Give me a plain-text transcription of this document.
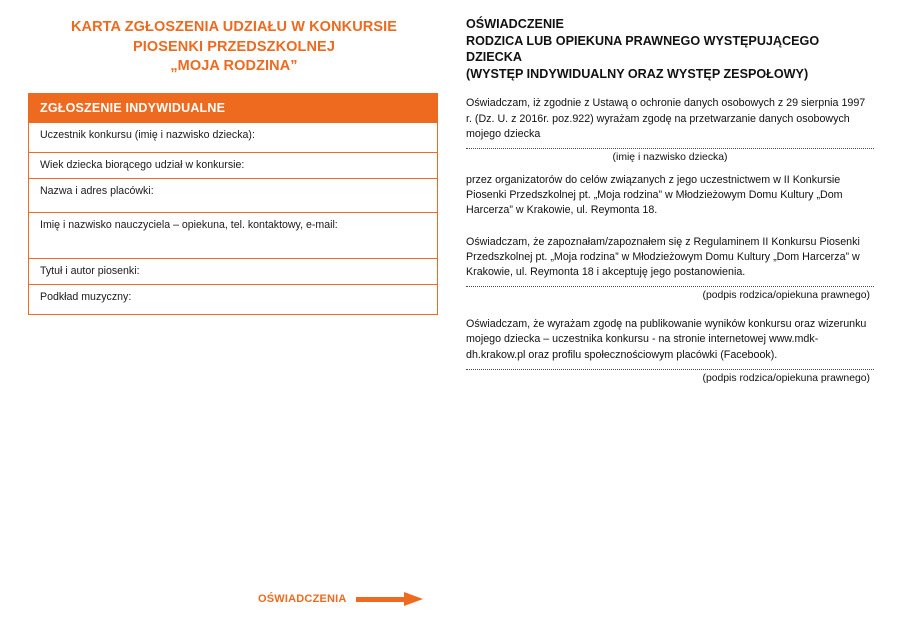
KARTA ZGŁOSZENIA UDZIAŁU W KONKURSIE
PIOSENKI PRZEDSZKOLNEJ
„MOJA RODZINA”
ZGŁOSZENIE INDYWIDUALNE
Uczestnik konkursu (imię i nazwisko dziecka):
Wiek dziecka biorącego udział w konkursie:
Nazwa i adres placówki:
Imię i nazwisko nauczyciela – opiekuna, tel. kontaktowy, e-mail:
Tytuł i autor piosenki:
Podkład muzyczny:
OŚWIADCZENIE
RODZICA LUB OPIEKUNA PRAWNEGO WYSTĘPUJĄCEGO DZIECKA
(WYSTĘP INDYWIDUALNY ORAZ WYSTĘP ZESPOŁOWY)

Oświadczam, iż zgodnie z Ustawą o ochronie danych osobowych z 29 sierpnia 1997 r. (Dz. U. z 2016r. poz.922) wyrażam zgodę na przetwarzanie danych osobowych mojego dziecka

(imię i nazwisko dziecka)

przez organizatorów do celów związanych z jego uczestnictwem w II Konkursie Piosenki Przedszkolnej pt. „Moja rodzina” w Młodzieżowym Domu Kultury „Dom Harcerza” w Krakowie, ul. Reymonta 18.

Oświadczam, że zapoznałam/zapoznałem się z Regulaminem II Konkursu Piosenki Przedszkolnej pt. „Moja rodzina” w Młodzieżowym Domu Kultury „Dom Harcerza” w Krakowie, ul. Reymonta 18 i akceptuję jego postanowienia.

(podpis rodzica/opiekuna prawnego)

Oświadczam, że wyrażam zgodę na publikowanie wyników konkursu oraz wizerunku mojego dziecka – uczestnika konkursu - na stronie internetowej www.mdk-dh.krakow.pl oraz profilu społecznościowym placówki (Facebook).

(podpis rodzica/opiekuna prawnego)
OŚWIADCZENIA
